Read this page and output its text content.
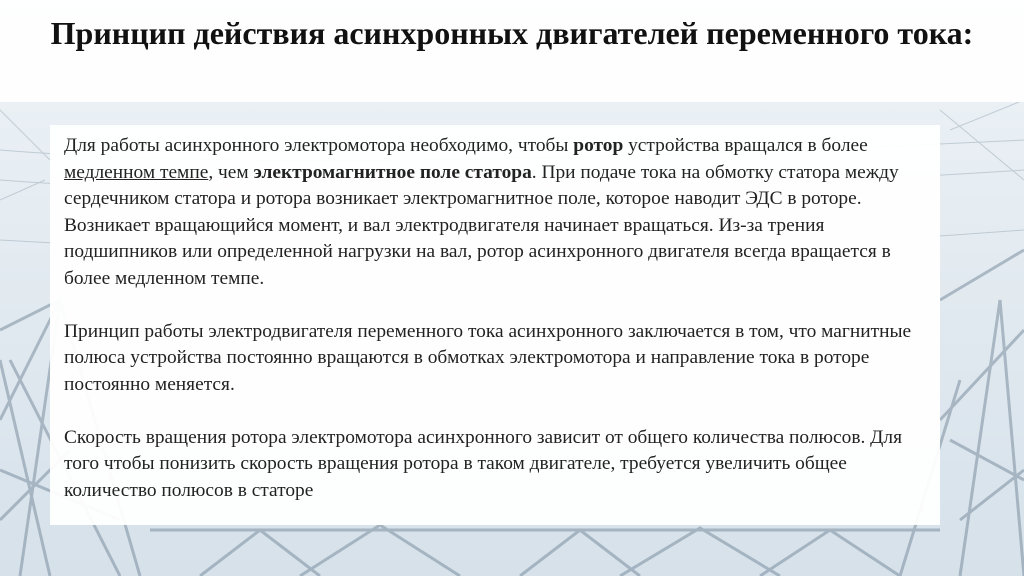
Принцип действия асинхронных двигателей переменного тока:

Для работы асинхронного электромотора необходимо, чтобы ротор устройства вращался в более медленном темпе, чем электромагнитное поле статора. При подаче тока на обмотку статора между сердечником статора и ротора возникает электромагнитное поле, которое наводит ЭДС в роторе. Возникает вращающийся момент, и вал электродвигателя начинает вращаться. Из-за трения подшипников или определенной нагрузки на вал, ротор асинхронного двигателя всегда вращается в более медленном темпе.

Принцип работы электродвигателя переменного тока асинхронного заключается в том, что магнитные полюса устройства постоянно вращаются в обмотках электромотора и направление тока в роторе постоянно меняется.

Скорость вращения ротора электромотора асинхронного зависит от общего количества полюсов. Для того чтобы понизить скорость вращения ротора в таком двигателе, требуется увеличить общее количество полюсов в статоре
